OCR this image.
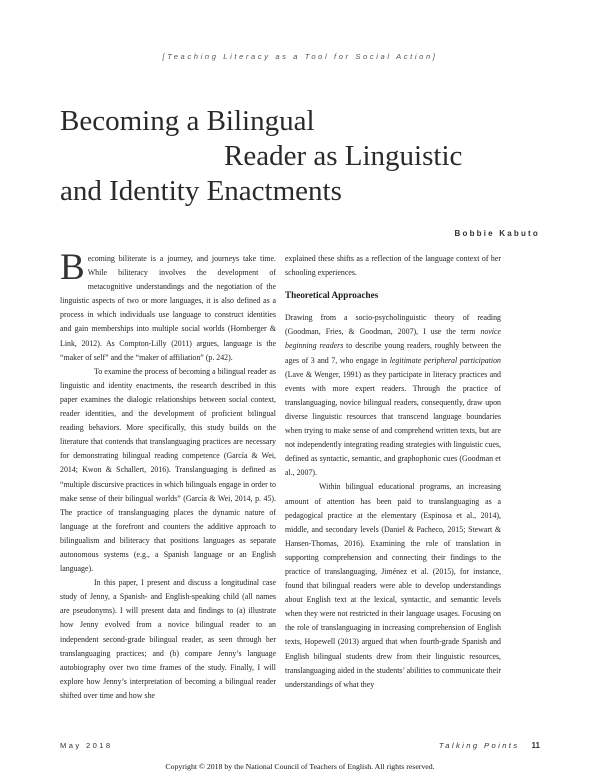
[Teaching Literacy as a Tool for Social Action]
Becoming a Bilingual
Reader as Linguistic
and Identity Enactments
Bobbie Kabuto

Becoming biliterate is a journey, and journeys take time. While biliteracy involves the development of metacognitive understandings and the negotiation of the linguistic aspects of two or more languages, it is also defined as a process in which individuals use language to construct identities and gain memberships into multiple social worlds (Hornberger & Link, 2012). As Compton-Lilly (2011) argues, language is the “maker of self” and the “maker of affiliation” (p. 242).

To examine the process of becoming a bilingual reader as linguistic and identity enactments, the research described in this paper examines the dialogic relationships between social context, reader identities, and the development of proficient bilingual reading behaviors. More specifically, this study builds on the literature that contends that translanguaging practices are necessary for demonstrating bilingual reading competence (García & Wei, 2014; Kwon & Schallert, 2016). Translanguaging is defined as “multiple discursive practices in which bilinguals engage in order to make sense of their bilingual worlds” (García & Wei, 2014, p. 45). The practice of translanguaging places the dynamic nature of language at the forefront and counters the additive approach to bilingualism and biliteracy that positions languages as separate autonomous systems (e.g., a Spanish language or an English language).

In this paper, I present and discuss a longitudinal case study of Jenny, a Spanish- and English-speaking child (all names are pseudonyms). I will present data and findings to (a) illustrate how Jenny evolved from a novice bilingual reader to an independent second-grade bilingual reader, as seen through her translanguaging practices; and (b) compare Jenny’s language autobiography over two time frames of the study. Finally, I will explore how Jenny’s interpretation of becoming a bilingual reader shifted over time and how she

explained these shifts as a reflection of the language context of her schooling experiences.

Theoretical Approaches

Drawing from a socio-psycholinguistic theory of reading (Goodman, Fries, & Goodman, 2007), I use the term novice beginning readers to describe young readers, roughly between the ages of 3 and 7, who engage in legitimate peripheral participation (Lave & Wenger, 1991) as they participate in literacy practices and events with more expert readers. Through the practice of translanguaging, novice bilingual readers, consequently, draw upon diverse linguistic resources that transcend language boundaries when trying to make sense of and comprehend written texts, but are not independently integrating reading strategies with linguistic cues, defined as syntactic, semantic, and graphophonic cues (Goodman et al., 2007).

Within bilingual educational programs, an increasing amount of attention has been paid to translanguaging as a pedagogical practice at the elementary (Espinosa et al., 2014), middle, and secondary levels (Daniel & Pacheco, 2015; Stewart & Hansen-Thomas, 2016). Examining the role of translation in supporting comprehension and connecting their findings to the practice of translanguaging, Jiménez et al. (2015), for instance, found that bilingual readers were able to develop understandings about English text at the lexical, syntactic, and semantic levels when they were not restricted in their language usages. Focusing on the role of translanguaging in increasing comprehension of English texts, Hopewell (2013) argued that when fourth-grade Spanish and English bilingual students drew from their linguistic resources, translanguaging aided in the students’ abilities to communicate their understandings of what they

May 2018	Talking Points 11
Copyright © 2018 by the National Council of Teachers of English. All rights reserved.
